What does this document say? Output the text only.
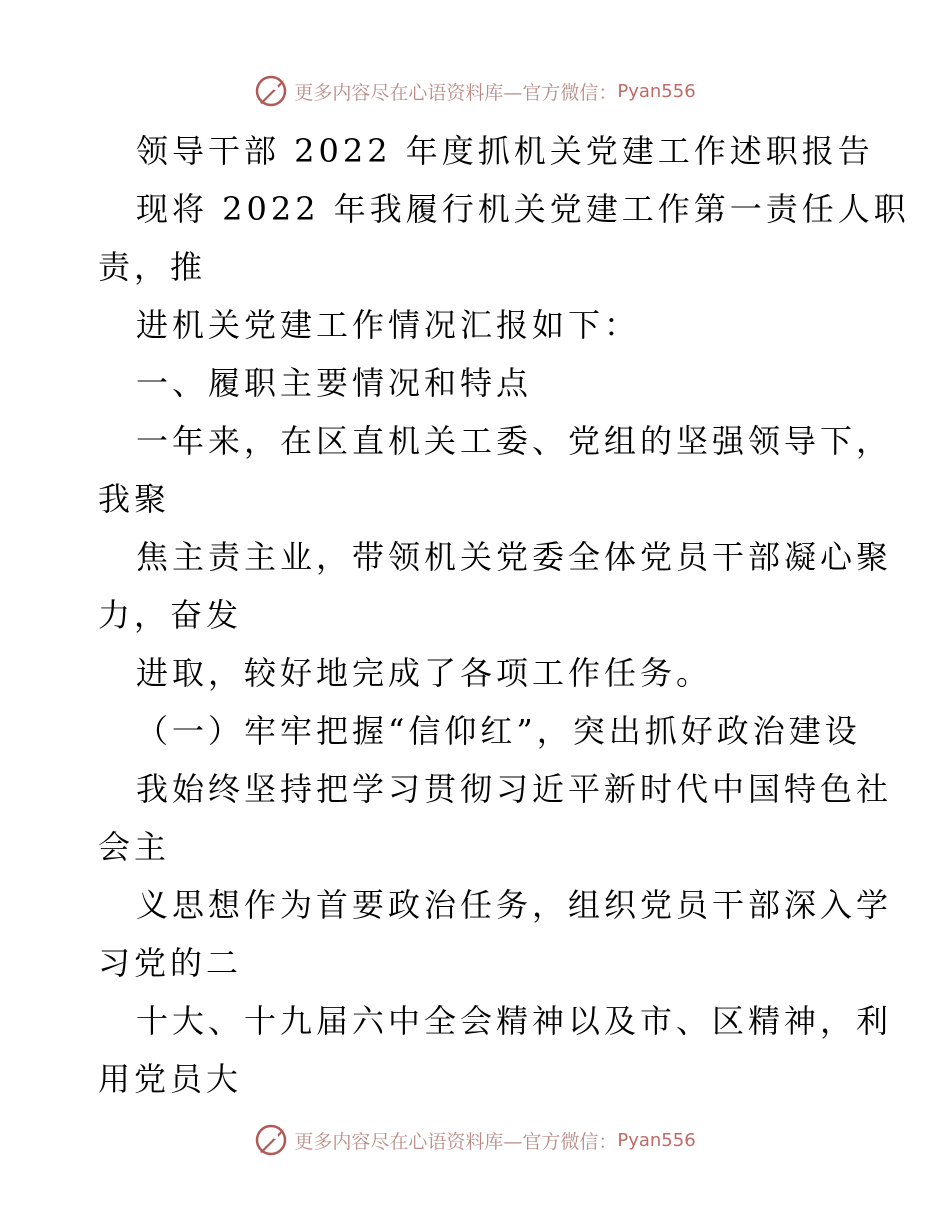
更多内容尽在心语资料库—官方微信： Pyan556
领导干部 2022 年度抓机关党建工作述职报告
现将 2022 年我履行机关党建工作第一责任人职
责，推
进机关党建工作情况汇报如下：
一、履职主要情况和特点
一年来，在区直机关工委、党组的坚强领导下，
我聚
焦主责主业，带领机关党委全体党员干部凝心聚
力，奋发
进取，较好地完成了各项工作任务。
（一）牢牢把握“信仰红”，突出抓好政治建设
我始终坚持把学习贯彻习近平新时代中国特色社
会主
义思想作为首要政治任务，组织党员干部深入学
习党的二
十大、十九届六中全会精神以及市、区精神，利
用党员大
更多内容尽在心语资料库—官方微信： Pyan556
